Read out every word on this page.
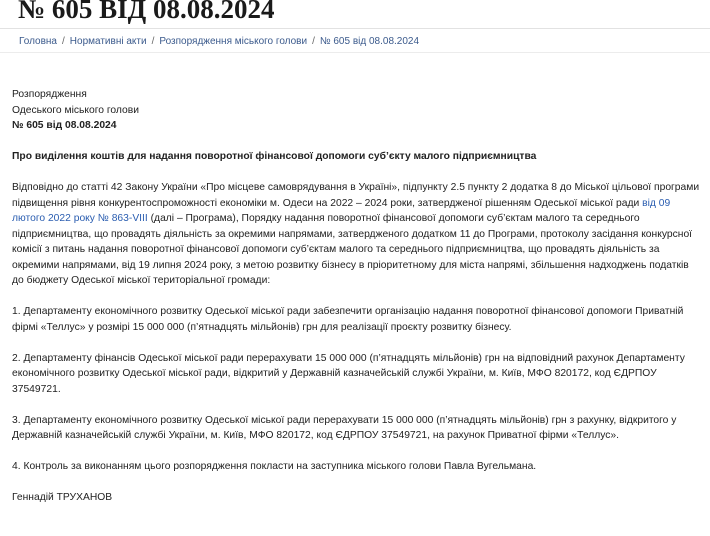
№ 605 ВІД 08.08.2024
Головна / Нормативні акти / Розпорядження міського голови / № 605 від 08.08.2024
Розпорядження
Одеського міського голови
№ 605 від 08.08.2024

Про виділення коштів для надання поворотної фінансової допомоги суб’єкту малого підприємництва

Відповідно до статті 42 Закону України «Про місцеве самоврядування в Україні», підпункту 2.5 пункту 2 додатка 8 до Міської цільової програми підвищення рівня конкурентоспроможності економіки м. Одеси на 2022 – 2024 роки, затвердженої рішенням Одеської міської ради від 09 лютого 2022 року № 863-VIII (далі – Програма), Порядку надання поворотної фінансової допомоги суб’єктам малого та середнього підприємництва, що провадять діяльність за окремими напрямами, затвердженого додатком 11 до Програми, протоколу засідання конкурсної комісії з питань надання поворотної фінансової допомоги суб’єктам малого та середнього підприємництва, що провадять діяльність за окремими напрямами, від 19 липня 2024 року, з метою розвитку бізнесу в пріоритетному для міста напрямі, збільшення надходжень податків до бюджету Одеської міської територіальної громади:

1. Департаменту економічного розвитку Одеської міської ради забезпечити організацію надання поворотної фінансової допомоги Приватній фірмі «Теллус» у розмірі 15 000 000 (п’ятнадцять мільйонів) грн для реалізації проєкту розвитку бізнесу.

2. Департаменту фінансів Одеської міської ради перерахувати 15 000 000 (п’ятнадцять мільйонів) грн на відповідний рахунок Департаменту економічного розвитку Одеської міської ради, відкритий у Державній казначейській службі України, м. Київ, МФО 820172, код ЄДРПОУ 37549721.

3. Департаменту економічного розвитку Одеської міської ради перерахувати 15 000 000 (п’ятнадцять мільйонів) грн з рахунку, відкритого у Державній казначейській службі України, м. Київ, МФО 820172, код ЄДРПОУ 37549721, на рахунок Приватної фірми «Теллус».

4. Контроль за виконанням цього розпорядження покласти на заступника міського голови Павла Вугельмана.

Геннадій ТРУХАНОВ
